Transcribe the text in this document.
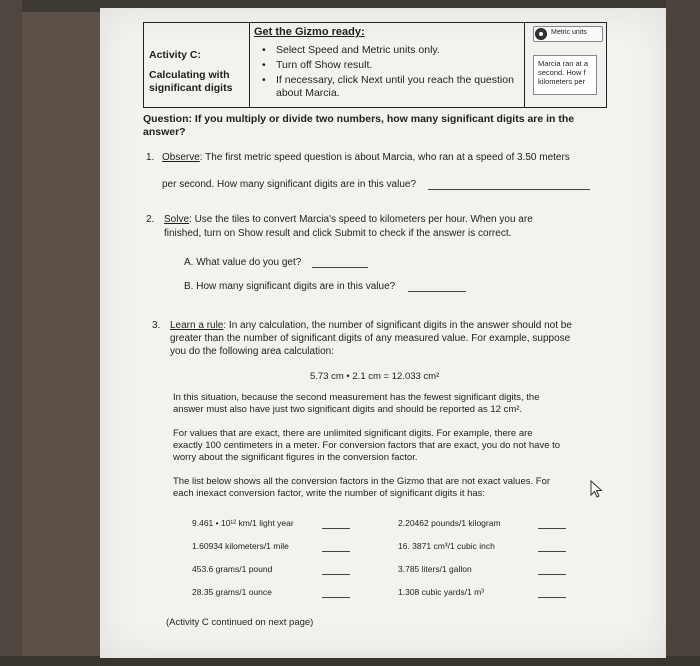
Activity C:
Calculating with significant digits
Get the Gizmo ready:
• Select Speed and Metric units only.
• Turn off Show result.
• If necessary, click Next until you reach the question about Marcia.
Metric units
Marcia ran at a second. How f kilometers per
Question: If you multiply or divide two numbers, how many significant digits are in the answer?
1. Observe: The first metric speed question is about Marcia, who ran at a speed of 3.50 meters
per second. How many significant digits are in this value?
2. Solve: Use the tiles to convert Marcia's speed to kilometers per hour. When you are
finished, turn on Show result and click Submit to check if the answer is correct.
A. What value do you get?
B. How many significant digits are in this value?
3. Learn a rule: In any calculation, the number of significant digits in the answer should not be
greater than the number of significant digits of any measured value. For example, suppose
you do the following area calculation:
5.73 cm • 2.1 cm = 12.033 cm²
In this situation, because the second measurement has the fewest significant digits, the
answer must also have just two significant digits and should be reported as 12 cm².
For values that are exact, there are unlimited significant digits. For example, there are
exactly 100 centimeters in a meter. For conversion factors that are exact, you do not have to
worry about the significant figures in the conversion factor.
The list below shows all the conversion factors in the Gizmo that are not exact values. For
each inexact conversion factor, write the number of significant digits it has:
9.461 • 10¹² km/1 light year
1.60934 kilometers/1 mile
453.6 grams/1 pound
28.35 grams/1 ounce
2.20462 pounds/1 kilogram
16. 3871 cm³/1 cubic inch
3.785 liters/1 gallon
1.308 cubic yards/1 m³
(Activity C continued on next page)
